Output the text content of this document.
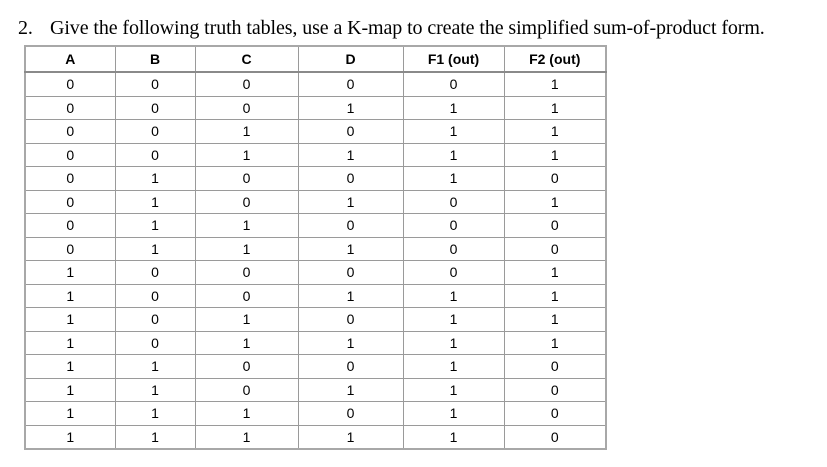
2. Give the following truth tables, use a K-map to create the simplified sum-of-product form.
A	B	C	D	F1 (out)	F2 (out)
0	0	0	0	0	1
0	0	0	1	1	1
0	0	1	0	1	1
0	0	1	1	1	1
0	1	0	0	1	0
0	1	0	1	0	1
0	1	1	0	0	0
0	1	1	1	0	0
1	0	0	0	0	1
1	0	0	1	1	1
1	0	1	0	1	1
1	0	1	1	1	1
1	1	0	0	1	0
1	1	0	1	1	0
1	1	1	0	1	0
1	1	1	1	1	0
